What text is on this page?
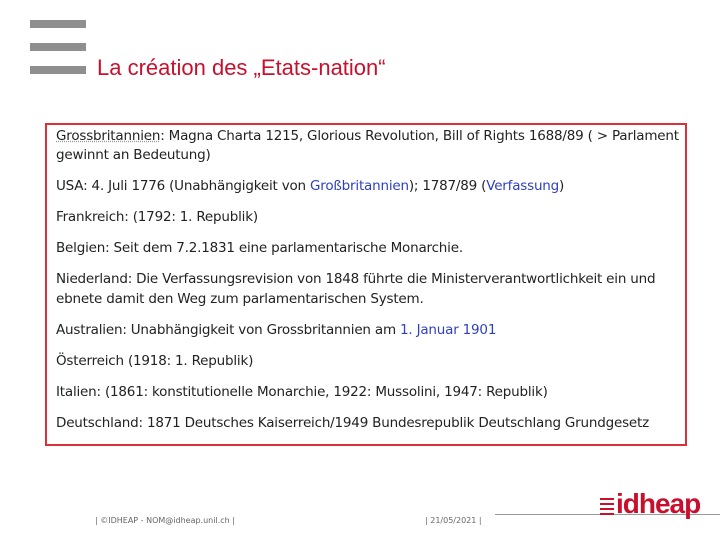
La création des „Etats-nation“
Grossbritannien: Magna Charta 1215, Glorious Revolution, Bill of Rights 1688/89 ( > Parlament
gewinnt an Bedeutung)
USA: 4. Juli 1776 (Unabhängigkeit von Großbritannien); 1787/89 (Verfassung)
Frankreich: (1792: 1. Republik)
Belgien: Seit dem 7.2.1831 eine parlamentarische Monarchie.
Niederland: Die Verfassungsrevision von 1848 führte die Ministerverantwortlichkeit ein und
ebnete damit den Weg zum parlamentarischen System.
Australien: Unabhängigkeit von Grossbritannien am 1. Januar 1901
Österreich (1918: 1. Republik)
Italien: (1861: konstitutionelle Monarchie, 1922: Mussolini, 1947: Republik)
Deutschland: 1871 Deutsches Kaiserreich/1949 Bundesrepublik Deutschlang Grundgesetz
| ©IDHEAP - NOM@idheap.unil.ch |	| 21/05/2021 |
idheap
